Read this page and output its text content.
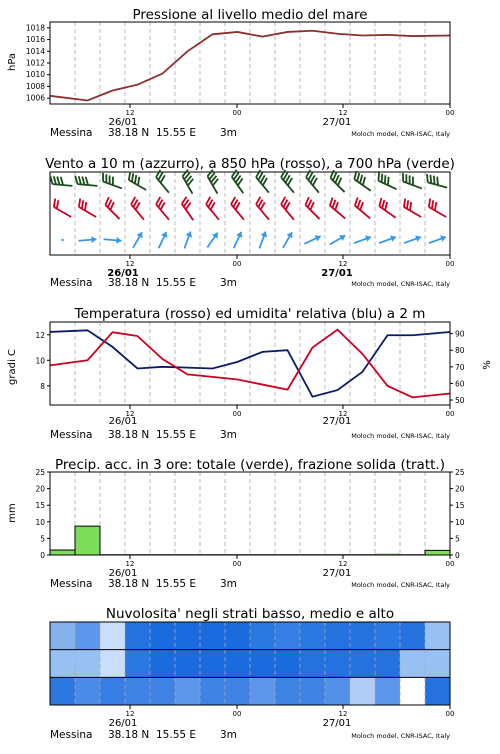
Pressione al livello medio del mare
Vento a 10 m (azzurro), a 850 hPa (rosso), a 700 hPa (verde)
Temperatura (rosso) ed umidita' relativa (blu) a 2 m
Precip. acc. in 3 ore: totale (verde), frazione solida (tratt.)
Nuvolosita' negli strati basso, medio e alto
hPa
gradi C	%
mm
Messina 38.18 N 15.55 E 3m	Moloch model, CNR-ISAC, Italy
Messina 38.18 N 15.55 E 3m	Moloch model, CNR-ISAC, Italy
Messina 38.18 N 15.55 E 3m	Moloch model, CNR-ISAC, Italy
Messina 38.18 N 15.55 E 3m	Moloch model, CNR-ISAC, Italy
Messina 38.18 N 15.55 E 3m	Moloch model, CNR-ISAC, Italy
1006
1008
1010
1012
1014
1016
1018
12	00	12	00
26/01	27/01
12	00	12	00
26/01	27/01
8
10
12
50
60
70
80
90
12	00	12	00
26/01	27/01
0	0
5	5
10	10
15	15
20	20
25	25
12	00	12	00
26/01	27/01
12	00	12	00
26/01	27/01
